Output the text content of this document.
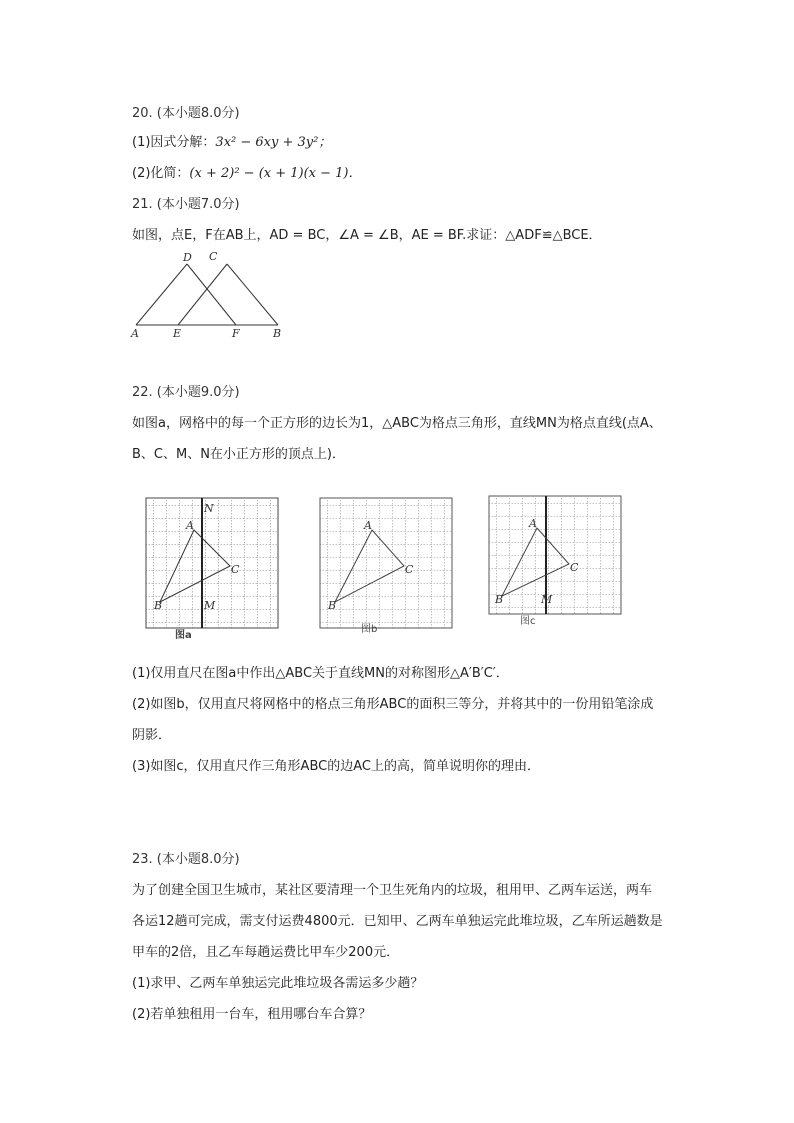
20. (本小题8.0分)
(1)因式分解：3x² − 6xy + 3y²；
(2)化简：(x + 2)² − (x + 1)(x − 1)．
21. (本小题7.0分)
如图，点E，F在AB上，AD = BC，∠A = ∠B，AE = BF.求证：△ADF≌△BCE．
D C
A	E	F	B
22. (本小题9.0分)
如图a，网格中的每一个正方形的边长为1，△ABC为格点三角形，直线MN为格点直线(点A、
B、C、M、N在小正方形的顶点上)．
A
C
B
N
M
图a
A
C
B
图b
A
C
B	M
图c
(1)仅用直尺在图a中作出△ABC关于直线MN的对称图形△A′B′C′．
(2)如图b，仅用直尺将网格中的格点三角形ABC的面积三等分，并将其中的一份用铅笔涂成
阴影．
(3)如图c，仅用直尺作三角形ABC的边AC上的高，简单说明你的理由．
23. (本小题8.0分)
为了创建全国卫生城市，某社区要清理一个卫生死角内的垃圾，租用甲、乙两车运送，两车
各运12趟可完成，需支付运费4800元．已知甲、乙两车单独运完此堆垃圾，乙车所运趟数是
甲车的2倍，且乙车每趟运费比甲车少200元．
(1)求甲、乙两车单独运完此堆垃圾各需运多少趟？
(2)若单独租用一台车，租用哪台车合算？
